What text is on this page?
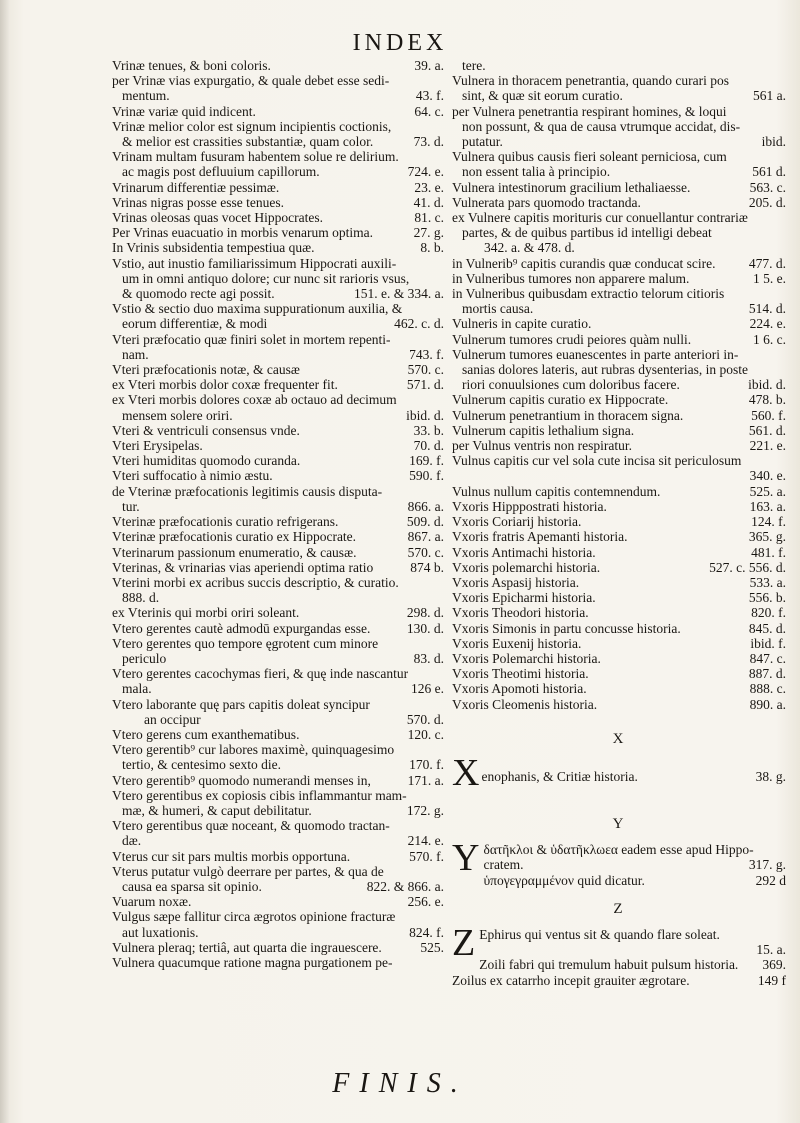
INDEX
Vrinæ tenues, & boni coloris.	39. a.
per Vrinæ vias expurgatio, & quale debet esse sedi-
mentum.	43. f.
Vrinæ variæ quid indicent.	64. c.
Vrinæ melior color est signum incipientis coctionis,
& melior est crassities substantiæ, quam color.	73. d.
Vrinam multam fusuram habentem solue re delirium.
ac magis post defluuium capillorum.	724. e.
Vrinarum differentiæ pessimæ.	23. e.
Vrinas nigras posse esse tenues.	41. d.
Vrinas oleosas quas vocet Hippocrates.	81. c.
Per Vrinas euacuatio in morbis venarum optima.	27. g.
In Vrinis subsidentia tempestiua quæ.	8. b.
Vstio, aut inustio familiarissimum Hippocrati auxili-
um in omni antiquo dolore; cur nunc sit rarioris vsus,
& quomodo recte agi possit.	151. e. & 334. a.
Vstio & sectio duo maxima suppurationum auxilia, &
eorum differentiæ, & modi	462. c. d.
Vteri præfocatio quæ finiri solet in mortem repenti-
nam.	743. f.
Vteri præfocationis notæ, & causæ	570. c.
ex Vteri morbis dolor coxæ frequenter fit.	571. d.
ex Vteri morbis dolores coxæ ab octauo ad decimum
mensem solere oriri.	ibid. d.
Vteri & ventriculi consensus vnde.	33. b.
Vteri Erysipelas.	70. d.
Vteri humiditas quomodo curanda.	169. f.
Vteri suffocatio à nimio æstu.	590. f.
de Vterinæ præfocationis legitimis causis disputa-
tur.	866. a.
Vterinæ præfocationis curatio refrigerans.	509. d.
Vterinæ præfocationis curatio ex Hippocrate.	867. a.
Vterinarum passionum enumeratio, & causæ.	570. c.
Vterinas, & vrinarias vias aperiendi optima ratio	874 b.
Vterini morbi ex acribus succis descriptio, & curatio.
888. d.
ex Vterinis qui morbi oriri soleant.	298. d.
Vtero gerentes cautè admodū expurgandas esse.	130. d.
Vtero gerentes quo tempore ęgrotent cum minore
periculo	83. d.
Vtero gerentes cacochymas fieri, & quę inde nascantur
mala.	126 e.
Vtero laborante quę pars capitis doleat syncipur
an occipur	570. d.
Vtero gerens cum exanthematibus.	120. c.
Vtero gerentib⁹ cur labores maximè, quinquagesimo
tertio, & centesimo sexto die.	170. f.
Vtero gerentib⁹ quomodo numerandi menses in,	171. a.
Vtero gerentibus ex copiosis cibis inflammantur mam-
mæ, & humeri, & caput debilitatur.	172. g.
Vtero gerentibus quæ noceant, & quomodo tractan-
dæ.	214. e.
Vterus cur sit pars multis morbis opportuna.	570. f.
Vterus putatur vulgò deerrare per partes, & qua de
causa ea sparsa sit opinio.	822. & 866. a.
Vuarum noxæ.	256. e.
Vulgus sæpe fallitur circa ægrotos opinione fracturæ
aut luxationis.	824. f.
Vulnera pleraq; tertiâ, aut quarta die ingrauescere.	525.
Vulnera quacumque ratione magna purgationem pe-
tere.
Vulnera in thoracem penetrantia, quando curari pos
sint, & quæ sit eorum curatio.	561 a.
per Vulnera penetrantia respirant homines, & loqui
non possunt, & qua de causa vtrumque accidat, dis-
putatur.	ibid.
Vulnera quibus causis fieri soleant perniciosa, cum
non essent talia à principio.	561 d.
Vulnera intestinorum gracilium lethaliaesse.	563. c.
Vulnerata pars quomodo tractanda.	205. d.
ex Vulnere capitis morituris cur conuellantur contrariæ
partes, & de quibus partibus id intelligi debeat
342. a. & 478. d.
in Vulnerib⁹ capitis curandis quæ conducat scire.	477. d.
in Vulneribus tumores non apparere malum.	1 5. e.
in Vulneribus quibusdam extractio telorum citioris
mortis causa.	514. d.
Vulneris in capite curatio.	224. e.
Vulnerum tumores crudi peiores quàm nulli.	1 6. c.
Vulnerum tumores euanescentes in parte anteriori in-
sanias dolores lateris, aut rubras dysenterias, in poste
riori conuulsiones cum doloribus facere.	ibid. d.
Vulnerum capitis curatio ex Hippocrate.	478. b.
Vulnerum penetrantium in thoracem signa.	560. f.
Vulnerum capitis lethalium signa.	561. d.
per Vulnus ventris non respiratur.	221. e.
Vulnus capitis cur vel sola cute incisa sit periculosum
340. e.
Vulnus nullum capitis contemnendum.	525. a.
Vxoris Hipppostrati historia.	163. a.
Vxoris Coriarij historia.	124. f.
Vxoris fratris Apemanti historia.	365. g.
Vxoris Antimachi historia.	481. f.
Vxoris polemarchi historia.	527. c. 556. d.
Vxoris Aspasij historia.	533. a.
Vxoris Epicharmi historia.	556. b.
Vxoris Theodori historia.	820. f.
Vxoris Simonis in partu concusse historia.	845. d.
Vxoris Euxenij historia.	ibid. f.
Vxoris Polemarchi historia.	847. c.
Vxoris Theotimi historia.	887. d.
Vxoris Apomoti historia.	888. c.
Vxoris Cleomenis historia.	890. a.
X
X enophanis, & Critiæ historia.	38. g.
Y
Y δατῆκλοι & ὑδατῆκλωεα eadem esse apud Hippo-
cratem.	317. g.
ὑπογεγραμμένον quid dicatur.	292 d
Z
Z Ephirus qui ventus sit & quando flare soleat.
15. a.
Zoili fabri qui tremulum habuit pulsum historia.	369.
Zoilus ex catarrho incepit grauiter ægrotare.	149 f
FINIS.
